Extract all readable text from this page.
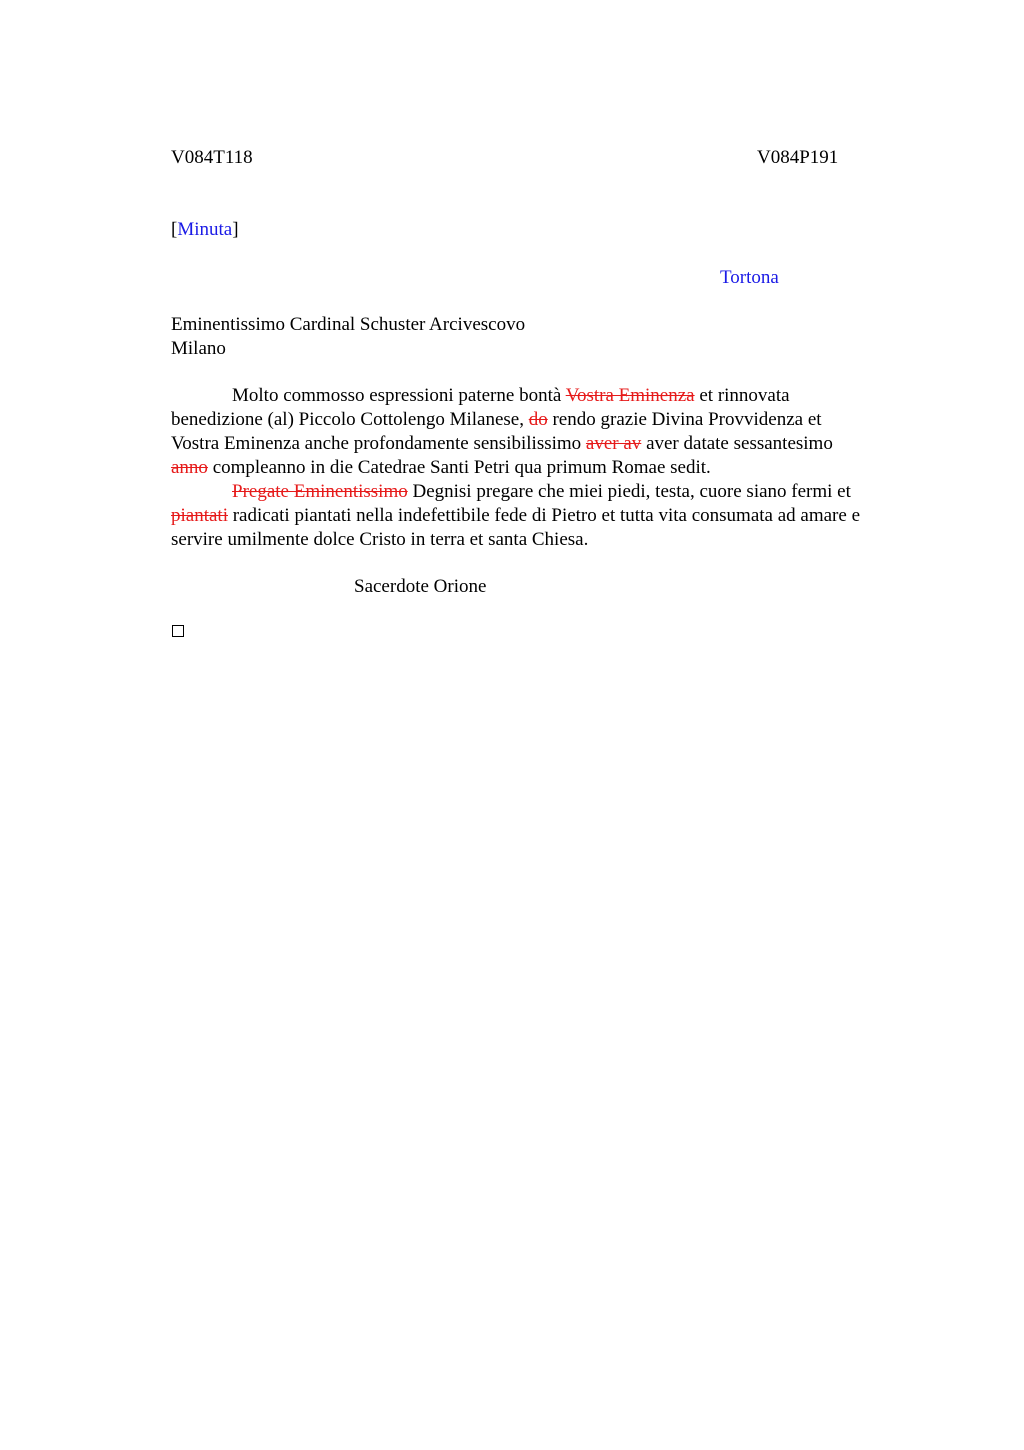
V084T118	V084P191
[Minuta]
Tortona
Eminentissimo Cardinal Schuster Arcivescovo
Milano
Molto commosso espressioni paterne bontà Vostra Eminenza et rinnovata
benedizione (al) Piccolo Cottolengo Milanese, do rendo grazie Divina Provvidenza et
Vostra Eminenza anche profondamente sensibilissimo aver av aver datate sessantesimo
anno compleanno in die Catedrae Santi Petri qua primum Romae sedit.
Pregate Eminentissimo Degnisi pregare che miei piedi, testa, cuore siano fermi et
piantati radicati piantati nella indefettibile fede di Pietro et tutta vita consumata ad amare e
servire umilmente dolce Cristo in terra et santa Chiesa.
Sacerdote Orione
